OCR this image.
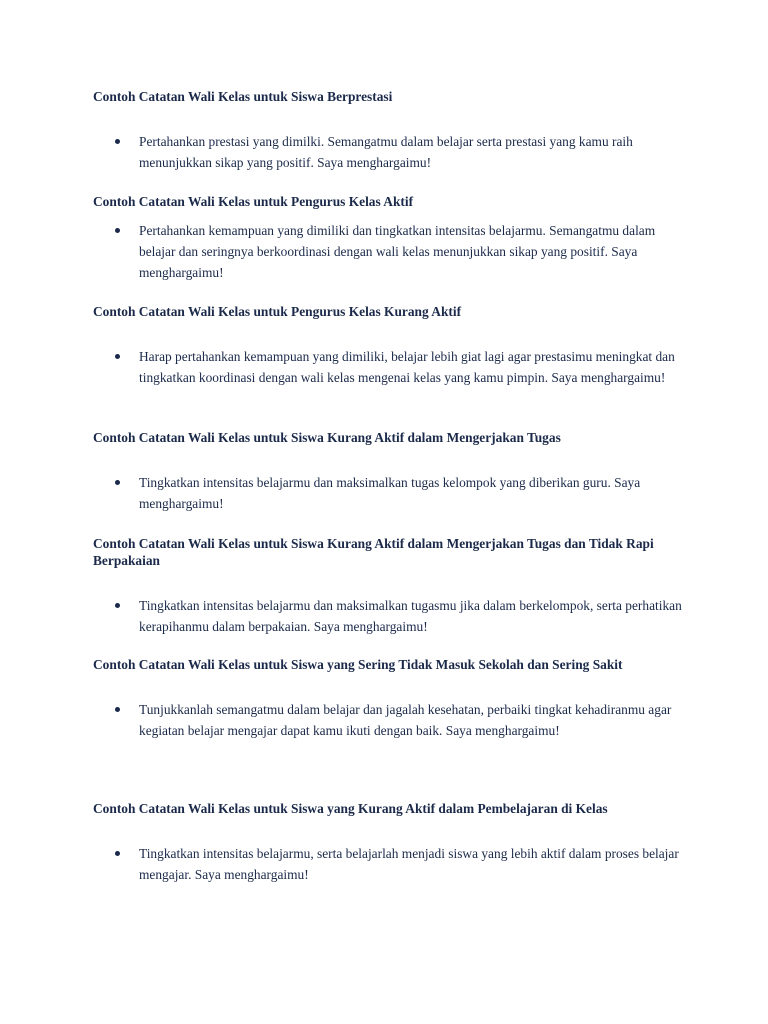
Contoh Catatan Wali Kelas untuk Siswa Berprestasi

Pertahankan prestasi yang dimilki. Semangatmu dalam belajar serta prestasi yang kamu raih menunjukkan sikap yang positif. Saya menghargaimu!

Contoh Catatan Wali Kelas untuk Pengurus Kelas Aktif

Pertahankan kemampuan yang dimiliki dan tingkatkan intensitas belajarmu. Semangatmu dalam belajar dan seringnya berkoordinasi dengan wali kelas menunjukkan sikap yang positif. Saya menghargaimu!

Contoh Catatan Wali Kelas untuk Pengurus Kelas Kurang Aktif

Harap pertahankan kemampuan yang dimiliki, belajar lebih giat lagi agar prestasimu meningkat dan tingkatkan koordinasi dengan wali kelas mengenai kelas yang kamu pimpin. Saya menghargaimu!

Contoh Catatan Wali Kelas untuk Siswa Kurang Aktif dalam Mengerjakan Tugas

Tingkatkan intensitas belajarmu dan maksimalkan tugas kelompok yang diberikan guru. Saya menghargaimu!

Contoh Catatan Wali Kelas untuk Siswa Kurang Aktif dalam Mengerjakan Tugas dan Tidak Rapi Berpakaian

Tingkatkan intensitas belajarmu dan maksimalkan tugasmu jika dalam berkelompok, serta perhatikan kerapihanmu dalam berpakaian. Saya menghargaimu!

Contoh Catatan Wali Kelas untuk Siswa yang Sering Tidak Masuk Sekolah dan Sering Sakit

Tunjukkanlah semangatmu dalam belajar dan jagalah kesehatan, perbaiki tingkat kehadiranmu agar kegiatan belajar mengajar dapat kamu ikuti dengan baik. Saya menghargaimu!

Contoh Catatan Wali Kelas untuk Siswa yang Kurang Aktif dalam Pembelajaran di Kelas

Tingkatkan intensitas belajarmu, serta belajarlah menjadi siswa yang lebih aktif dalam proses belajar mengajar. Saya menghargaimu!
